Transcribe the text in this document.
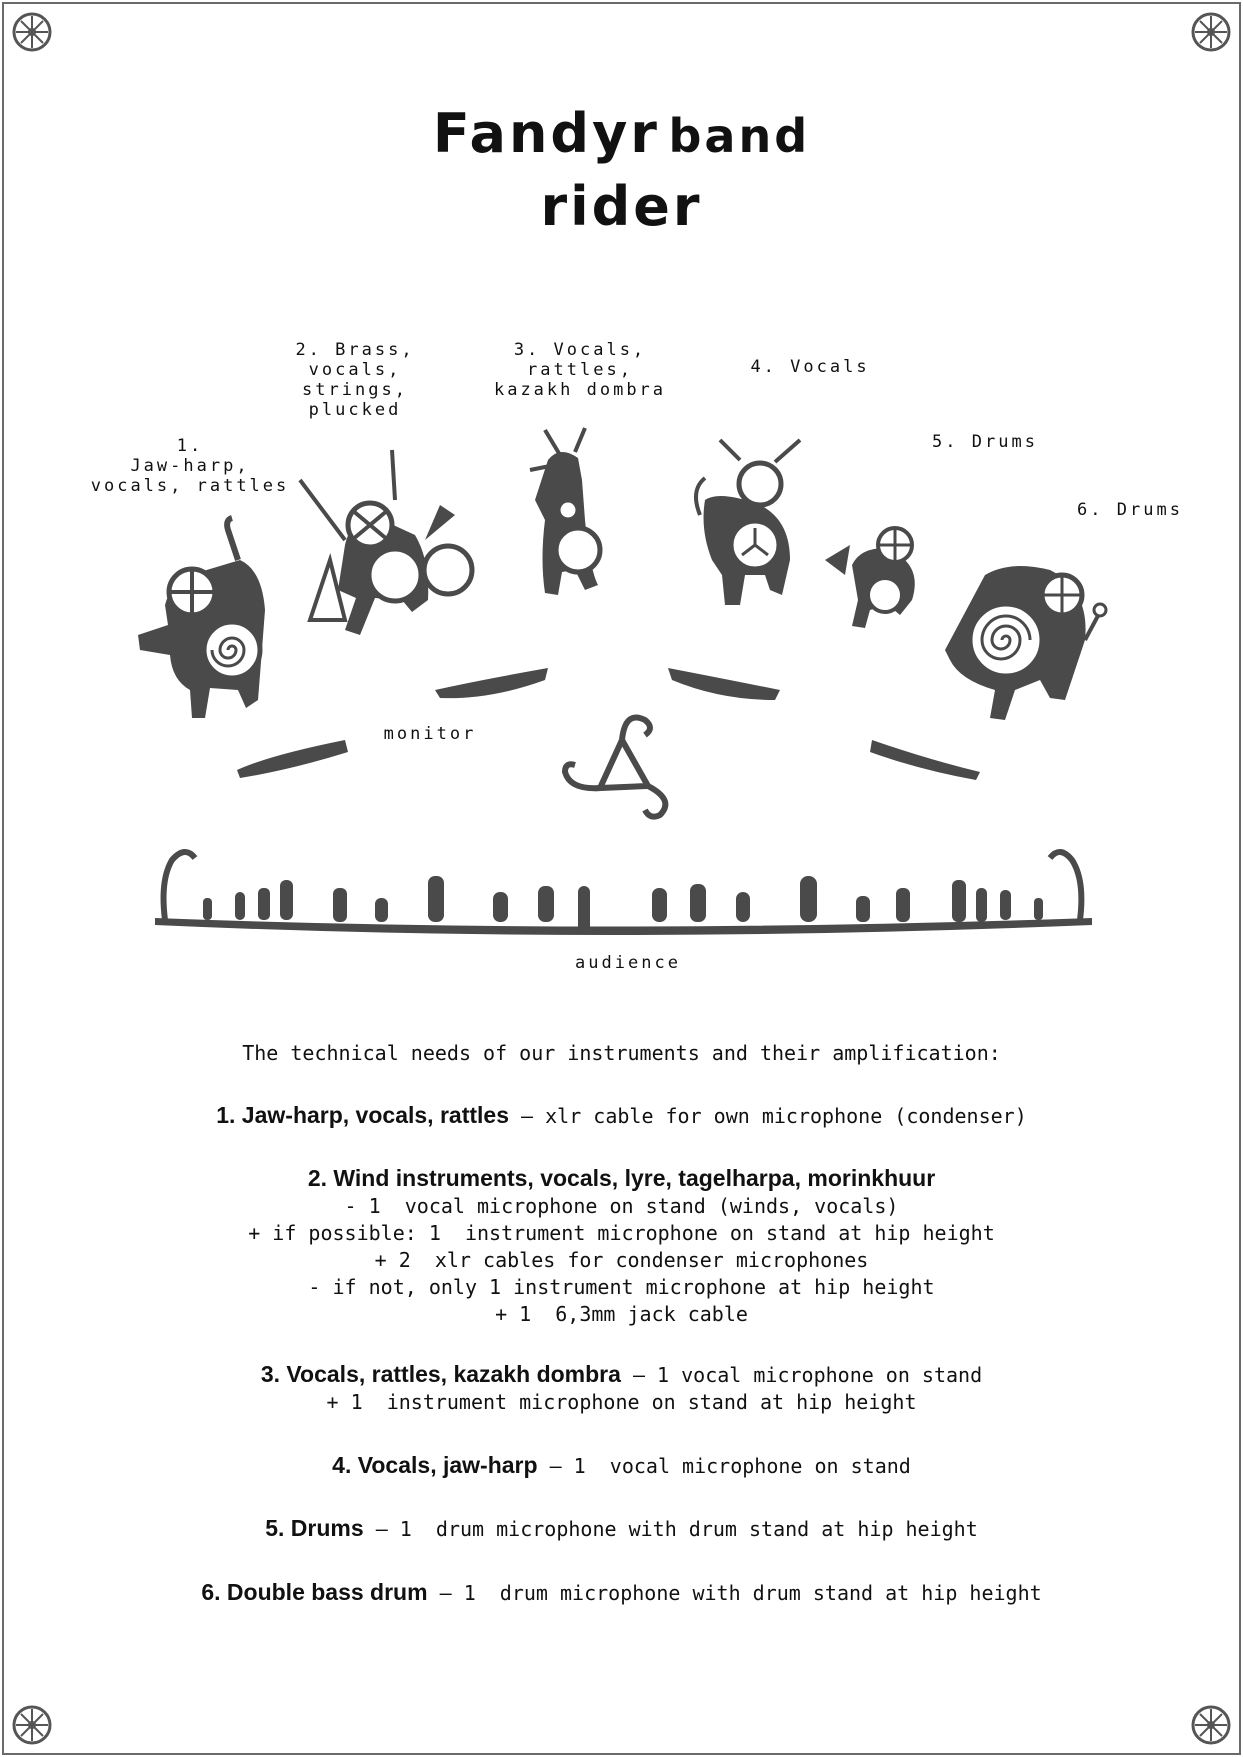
Fandyr band
rider
1.
Jaw-harp,
vocals, rattles
2. Brass,
vocals,
strings,
plucked
3. Vocals,
rattles,
kazakh dombra
4. Vocals
5. Drums
6. Drums
monitor
audience
The technical needs of our instruments and their amplification:
1. Jaw-harp, vocals, rattles – xlr cable for own microphone (condenser)
2. Wind instruments, vocals, lyre, tagelharpa, morinkhuur
- 1  vocal microphone on stand (winds, vocals)
+ if possible: 1  instrument microphone on stand at hip height
+ 2  xlr cables for condenser microphones
- if not, only 1 instrument microphone at hip height
+ 1  6,3mm jack cable
3. Vocals, rattles, kazakh dombra – 1 vocal microphone on stand
+ 1  instrument microphone on stand at hip height
4. Vocals, jaw-harp – 1  vocal microphone on stand
5. Drums – 1  drum microphone with drum stand at hip height
6. Double bass drum – 1  drum microphone with drum stand at hip height
